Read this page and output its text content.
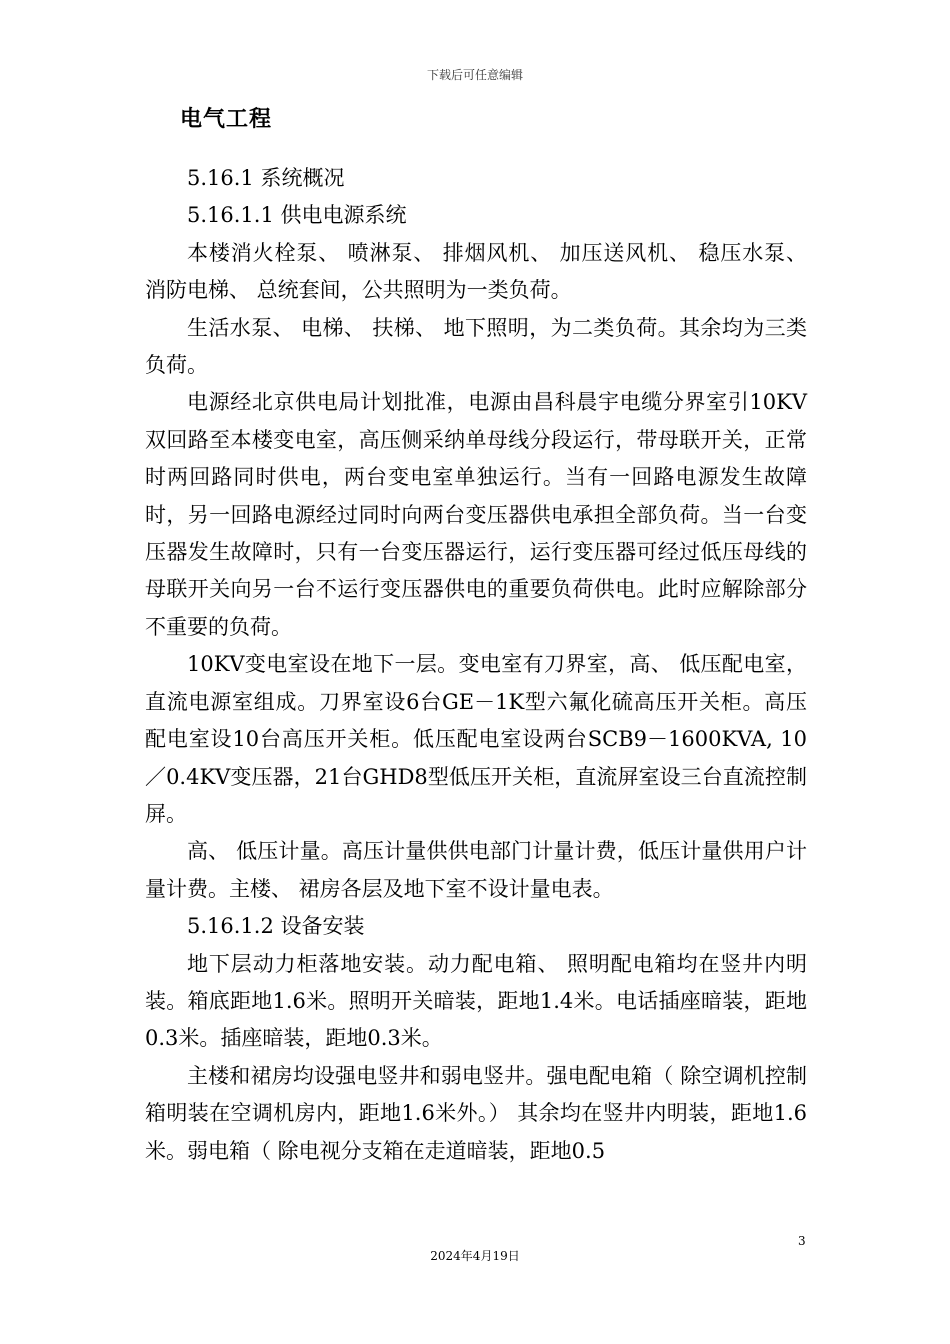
下载后可任意编辑
电气工程

5.16.1 系统概况

5.16.1.1 供电电源系统

本楼消火栓泵、 喷淋泵、 排烟风机、 加压送风机、 稳压水泵、 消防电梯、 总统套间，公共照明为一类负荷。

生活水泵、 电梯、 扶梯、 地下照明，为二类负荷。其余均为三类负荷。

电源经北京供电局计划批准，电源由昌科晨宇电缆分界室引10KV双回路至本楼变电室，高压侧采纳单母线分段运行，带母联开关，正常时两回路同时供电，两台变电室单独运行。当有一回路电源发生故障时，另一回路电源经过同时向两台变压器供电承担全部负荷。当一台变压器发生故障时，只有一台变压器运行，运行变压器可经过低压母线的母联开关向另一台不运行变压器供电的重要负荷供电。此时应解除部分不重要的负荷。

10KV变电室设在地下一层。变电室有刀界室，高、 低压配电室，直流电源室组成。刀界室设6台GE－1K型六氟化硫高压开关柜。高压配电室设10台高压开关柜。低压配电室设两台SCB9－1600KVA, 10／0.4KV变压器，21台GHD8型低压开关柜，直流屏室设三台直流控制屏。

高、 低压计量。高压计量供供电部门计量计费，低压计量供用户计量计费。主楼、 裙房各层及地下室不设计量电表。

5.16.1.2 设备安装

地下层动力柜落地安装。动力配电箱、 照明配电箱均在竖井内明装。箱底距地1.6米。照明开关暗装，距地1.4米。电话插座暗装，距地0.3米。插座暗装，距地0.3米。

主楼和裙房均设强电竖井和弱电竖井。强电配电箱（ 除空调机控制箱明装在空调机房内，距地1.6米外。） 其余均在竖井内明装，距地1.6米。弱电箱（ 除电视分支箱在走道暗装，距地0.5

3
2024年4月19日
